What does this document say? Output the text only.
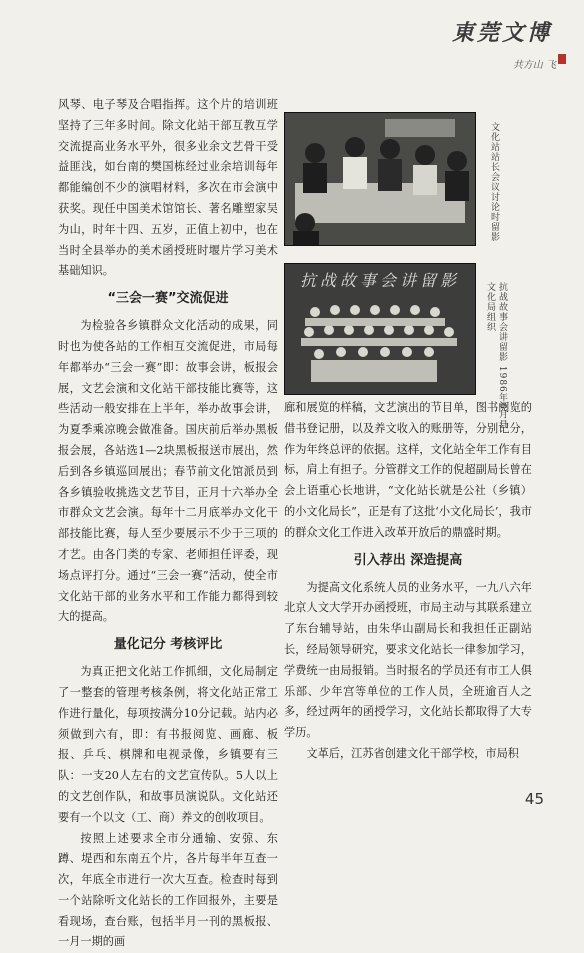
東莞文博
共方山 飞

风琴、电子琴及合唱指挥。这个片的培训班坚持了三年多时间。除文化站干部互教互学交流提高业务水平外，很多业余文艺骨干受益匪浅，如台南的樊国栋经过业余培训每年都能编创不少的演唱材料，多次在市会演中获奖。现任中国美术馆馆长、著名雕塑家吴为山，时年十四、五岁，正值上初中，也在当时全县举办的美术函授班时堰片学习美术基础知识。

“三会一赛”交流促进

为检验各乡镇群众文化活动的成果，同时也为使各站的工作相互交流促进，市局每年都举办“三会一赛”即：故事会讲，板报会展，文艺会演和文化站干部技能比赛等，这些活动一般安排在上半年，举办故事会讲，为夏季乘凉晚会做准备。国庆前后举办黑板报会展，各站选1—2块黑板报送市展出，然后到各乡镇巡回展出；春节前文化馆派员到各乡镇验收挑选文艺节目，正月十六举办全市群众文艺会演。每年十二月底举办文化干部技能比赛，每人至少要展示不少于三项的才艺。由各门类的专家、老师担任评委，现场点评打分。通过“三会一赛”活动，使全市文化站干部的业务水平和工作能力都得到较大的提高。

量化记分 考核评比

为真正把文化站工作抓细，文化局制定了一整套的管理考核条例，将文化站正常工作进行量化，每项按满分10分记载。站内必须做到六有，即：有书报阅览、画廊、板报、乒乓、棋牌和电视录像，乡镇要有三队：一支20人左右的文艺宣传队。5人以上的文艺创作队，和故事员演说队。文化站还要有一个以文（工、商）养文的创收项目。

按照上述要求全市分通输、安弶、东蹲、堤西和东南五个片，各片每半年互查一次，年底全市进行一次大互查。检查时每到一个站除听文化站长的工作回报外，主要是看现场，查台账，包括半月一刊的黑板报、一月一期的画

文化站站长会议讨论时留影
抗战故事会讲留影
抗战故事会讲留影 1986年6月县文化局组织

廊和展览的样稿，文艺演出的节目单，图书阅览的借书登记册，以及养文收入的账册等，分别记分，作为年终总评的依据。这样，文化站全年工作有目标，肩上有担子。分管群文工作的倪超副局长曾在会上语重心长地讲，“文化站长就是公社（乡镇）的小文化局长”，正是有了这批‘小文化局长’，我市的群众文化工作进入改革开放后的鼎盛时期。

引入荐出 深造提高

为提高文化系统人员的业务水平，一九八六年北京人文大学开办函授班，市局主动与其联系建立了东台辅导站，由朱华山副局长和我担任正副站长，经局领导研究，要求文化站长一律参加学习，学费统一由局报销。当时报名的学员还有市工人俱乐部、少年宫等单位的工作人员，全班逾百人之多，经过两年的函授学习，文化站长都取得了大专学历。

文革后，江苏省创建文化干部学校，市局积

45
